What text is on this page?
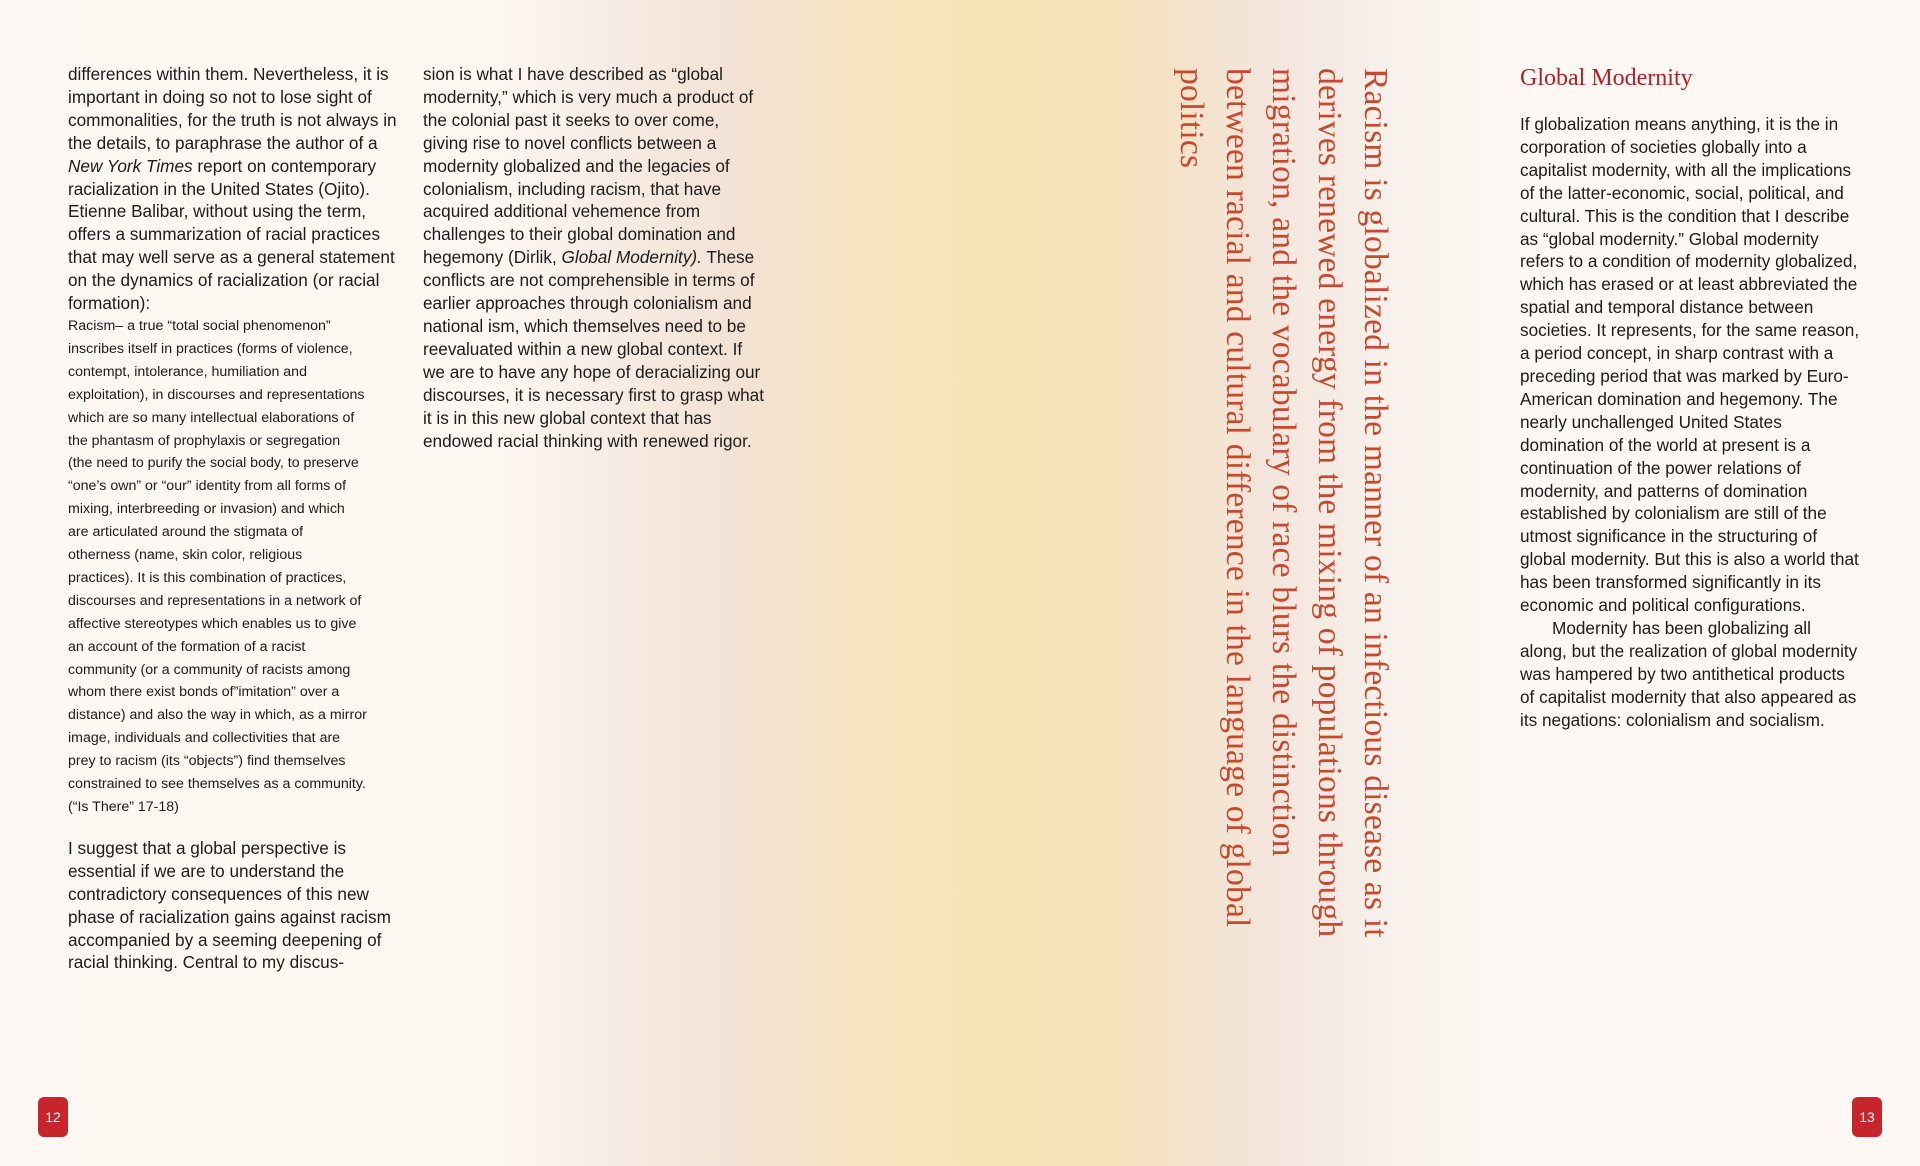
differences within them. Nevertheless, it is important in doing so not to lose sight of commonalities, for the truth is not always in the details, to paraphrase the author of a New York Times report on contemporary racialization in the United States (Ojito). Etienne Balibar, without using the term, offers a summarization of racial practices that may well serve as a general statement on the dynamics of racialization (or racial formation):

Racism– a true “total social phenomenon” inscribes itself in practices (forms of violence, contempt, intolerance, humiliation and exploitation), in discourses and representations which are so many intellectual elaborations of the phantasm of prophylaxis or segregation (the need to purify the social body, to preserve “one’s own” or “our” identity from all forms of mixing, interbreeding or invasion) and which are articulated around the stigmata of otherness (name, skin color, religious practices). It is this combination of practices, discourses and representations in a network of affective stereotypes which enables us to give an account of the formation of a racist community (or a community of racists among whom there exist bonds of”imitation” over a distance) and also the way in which, as a mirror image, individuals and collectivities that are prey to racism (its “objects”) find themselves constrained to see themselves as a community. (“Is There” 17-18)

I suggest that a global perspective is essential if we are to understand the contradictory consequences of this new phase of racialization gains against racism accompanied by a seeming deepening of racial thinking. Central to my discus-

sion is what I have described as “global modernity,” which is very much a product of the colonial past it seeks to over come, giving rise to novel conflicts between a modernity globalized and the legacies of colonialism, including racism, that have acquired additional vehemence from challenges to their global domination and hegemony (Dirlik, Global Modernity). These conflicts are not comprehensible in terms of earlier approaches through colonialism and national ism, which themselves need to be reevaluated within a new global context. If we are to have any hope of deracializing our discourses, it is necessary first to grasp what it is in this new global context that has endowed racial thinking with renewed rigor.	Racism is globalized in the manner of an infectious disease as it derives renewed energy from the mixing of populations through migration, and the vocabulary of race blurs the distinction between racial and cultural difference in the language of global politics	Global Modernity

If globalization means anything, it is the in corporation of societies globally into a capitalist modernity, with all the implications of the latter-economic, social, political, and cultural. This is the condition that I describe as “global modernity.” Global modernity refers to a condition of modernity globalized, which has erased or at least abbreviated the spatial and temporal distance between societies. It represents, for the same reason, a period concept, in sharp contrast with a preceding period that was marked by Euro-American domination and hegemony. The nearly unchallenged United States domination of the world at present is a continuation of the power relations of modernity, and patterns of domination established by colonialism are still of the utmost significance in the structuring of global modernity. But this is also a world that has been transformed significantly in its economic and political configurations.

Modernity has been globalizing all along, but the realization of global modernity was hampered by two antithetical products of capitalist modernity that also appeared as its negations: colonialism and socialism.

12	13
